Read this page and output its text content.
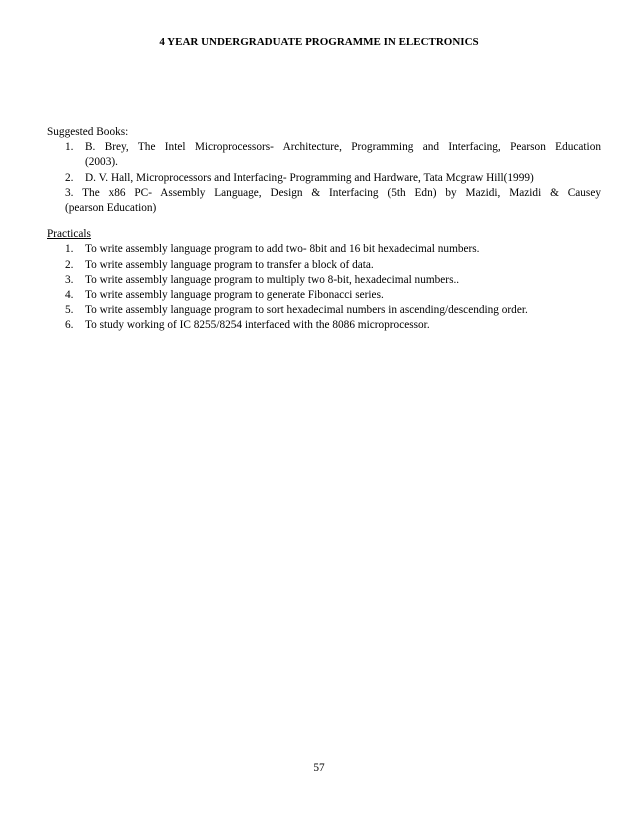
4 YEAR UNDERGRADUATE PROGRAMME IN ELECTRONICS
Suggested Books:
1. B. Brey, The Intel Microprocessors- Architecture, Programming and Interfacing, Pearson Education
(2003).
2. D. V. Hall, Microprocessors and Interfacing- Programming and Hardware, Tata Mcgraw Hill(1999)
3. The x86 PC- Assembly Language, Design & Interfacing (5th Edn) by Mazidi, Mazidi & Causey
(pearson Education)
Practicals
1. To write assembly language program to add two- 8bit and 16 bit hexadecimal numbers.
2. To write assembly language program to transfer a block of data.
3. To write assembly language program to multiply two 8-bit, hexadecimal numbers..
4. To write assembly language program to generate Fibonacci series.
5. To write assembly language program to sort hexadecimal numbers in ascending/descending order.
6. To study working of IC 8255/8254 interfaced with the 8086 microprocessor.
57
